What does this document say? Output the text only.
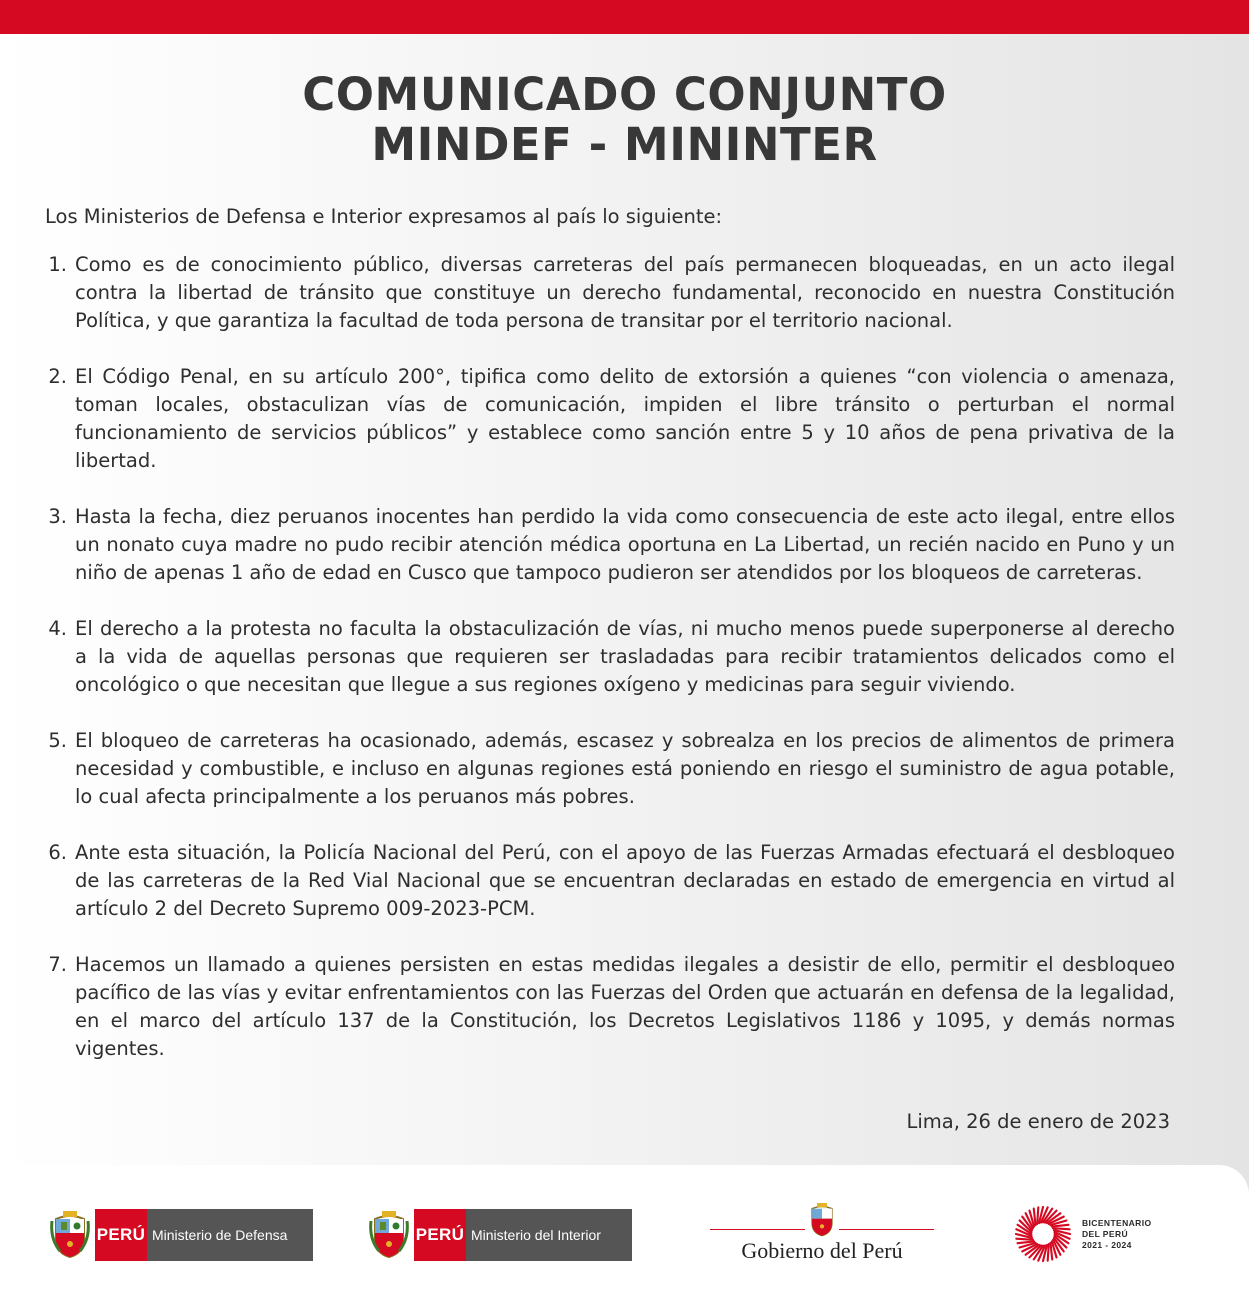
COMUNICADO CONJUNTO
MINDEF - MININTER
Los Ministerios de Defensa e Interior expresamos al país lo siguiente:
1. Como es de conocimiento público, diversas carreteras del país permanecen bloqueadas, en un acto ilegal contra la libertad de tránsito que constituye un derecho fundamental, reconocido en nuestra Constitución Política, y que garantiza la facultad de toda persona de transitar por el territorio nacional.
2. El Código Penal, en su artículo 200°, tipifica como delito de extorsión a quienes “con violencia o amenaza, toman locales, obstaculizan vías de comunicación, impiden el libre tránsito o perturban el normal funcionamiento de servicios públicos” y establece como sanción entre 5 y 10 años de pena privativa de la libertad.
3. Hasta la fecha, diez peruanos inocentes han perdido la vida como consecuencia de este acto ilegal, entre ellos un nonato cuya madre no pudo recibir atención médica oportuna en La Libertad, un recién nacido en Puno y un niño de apenas 1 año de edad en Cusco que tampoco pudieron ser atendidos por los bloqueos de carreteras.
4. El derecho a la protesta no faculta la obstaculización de vías, ni mucho menos puede superponerse al derecho a la vida de aquellas personas que requieren ser trasladadas para recibir tratamientos delicados como el oncológico o que necesitan que llegue a sus regiones oxígeno y medicinas para seguir viviendo.
5. El bloqueo de carreteras ha ocasionado, además, escasez y sobrealza en los precios de alimentos de primera necesidad y combustible, e incluso en algunas regiones está poniendo en riesgo el suministro de agua potable, lo cual afecta principalmente a los peruanos más pobres.
6. Ante esta situación, la Policía Nacional del Perú, con el apoyo de las Fuerzas Armadas efectuará el desbloqueo de las carreteras de la Red Vial Nacional que se encuentran declaradas en estado de emergencia en virtud al artículo 2 del Decreto Supremo 009-2023-PCM.
7. Hacemos un llamado a quienes persisten en estas medidas ilegales a desistir de ello, permitir el desbloqueo pacífico de las vías y evitar enfrentamientos con las Fuerzas del Orden que actuarán en defensa de la legalidad, en el marco del artículo 137 de la Constitución, los Decretos Legislativos 1186 y 1095, y demás normas vigentes.
Lima, 26 de enero de 2023
PERÚ Ministerio de Defensa	PERÚ Ministerio del Interior
Gobierno del Perú
BICENTENARIO
DEL PERÚ
2021 - 2024
